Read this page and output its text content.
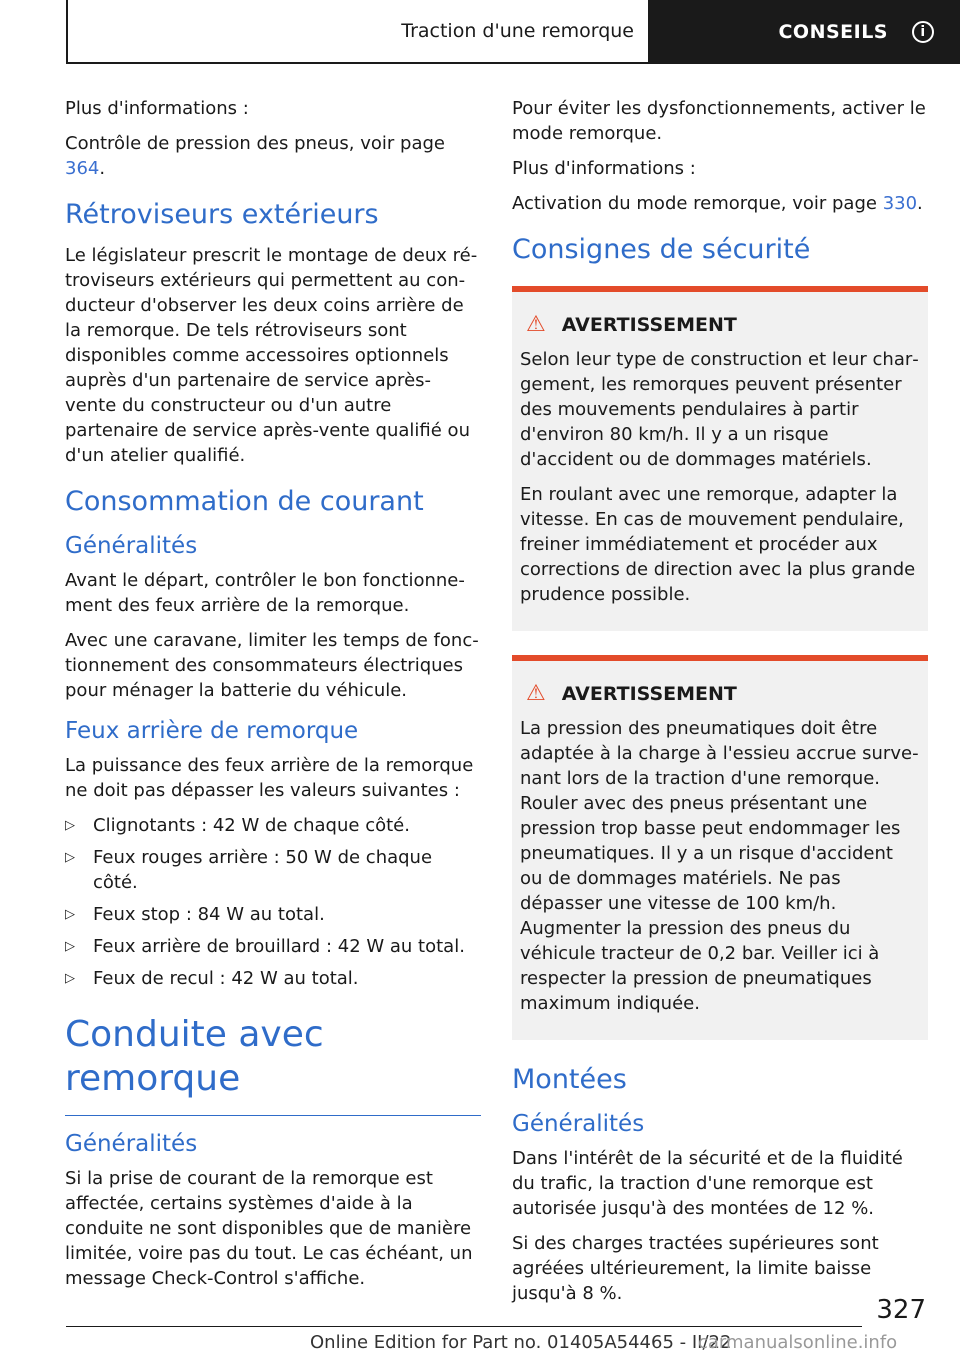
Traction d'une remorque	CONSEILS	i

Plus d'informations :

Contrôle de pression des pneus, voir page 364.

Rétroviseurs extérieurs

Le législateur prescrit le montage de deux rétroviseurs extérieurs qui permettent au conducteur d'observer les deux coins arrière de la remorque. De tels rétroviseurs sont disponibles comme accessoires optionnels auprès d'un partenaire de service après-vente du constructeur ou d'un autre partenaire de service après-vente qualifié ou d'un atelier qualifié.

Consommation de courant
Généralités

Avant le départ, contrôler le bon fonctionnement des feux arrière de la remorque.

Avec une caravane, limiter les temps de fonctionnement des consommateurs électriques pour ménager la batterie du véhicule.

Feux arrière de remorque

La puissance des feux arrière de la remorque ne doit pas dépasser les valeurs suivantes :

▷ Clignotants : 42 W de chaque côté.
▷ Feux rouges arrière : 50 W de chaque côté.
▷ Feux stop : 84 W au total.
▷ Feux arrière de brouillard : 42 W au total.
▷ Feux de recul : 42 W au total.
Conduite avec remorque
Généralités

Si la prise de courant de la remorque est affectée, certains systèmes d'aide à la conduite ne sont disponibles que de manière limitée, voire pas du tout. Le cas échéant, un message Check-Control s'affiche.

Pour éviter les dysfonctionnements, activer le mode remorque.

Plus d'informations :

Activation du mode remorque, voir page 330.

Consignes de sécurité
⚠ AVERTISSEMENT

Selon leur type de construction et leur chargement, les remorques peuvent présenter des mouvements pendulaires à partir d'environ 80 km/h. Il y a un risque d'accident ou de dommages matériels.

En roulant avec une remorque, adapter la vitesse. En cas de mouvement pendulaire, freiner immédiatement et procéder aux corrections de direction avec la plus grande prudence possible.

⚠ AVERTISSEMENT

La pression des pneumatiques doit être adaptée à la charge à l'essieu accrue survenant lors de la traction d'une remorque. Rouler avec des pneus présentant une pression trop basse peut endommager les pneumatiques. Il y a un risque d'accident ou de dommages matériels. Ne pas dépasser une vitesse de 100 km/h. Augmenter la pression des pneus du véhicule tracteur de 0,2 bar. Veiller ici à respecter la pression de pneumatiques maximum indiquée.

Montées
Généralités

Dans l'intérêt de la sécurité et de la fluidité du trafic, la traction d'une remorque est autorisée jusqu'à des montées de 12 %.

Si des charges tractées supérieures sont agréées ultérieurement, la limite baisse jusqu'à 8 %.

327
Online Edition for Part no. 01405A54465 - II/22
carmanualsonline.info
